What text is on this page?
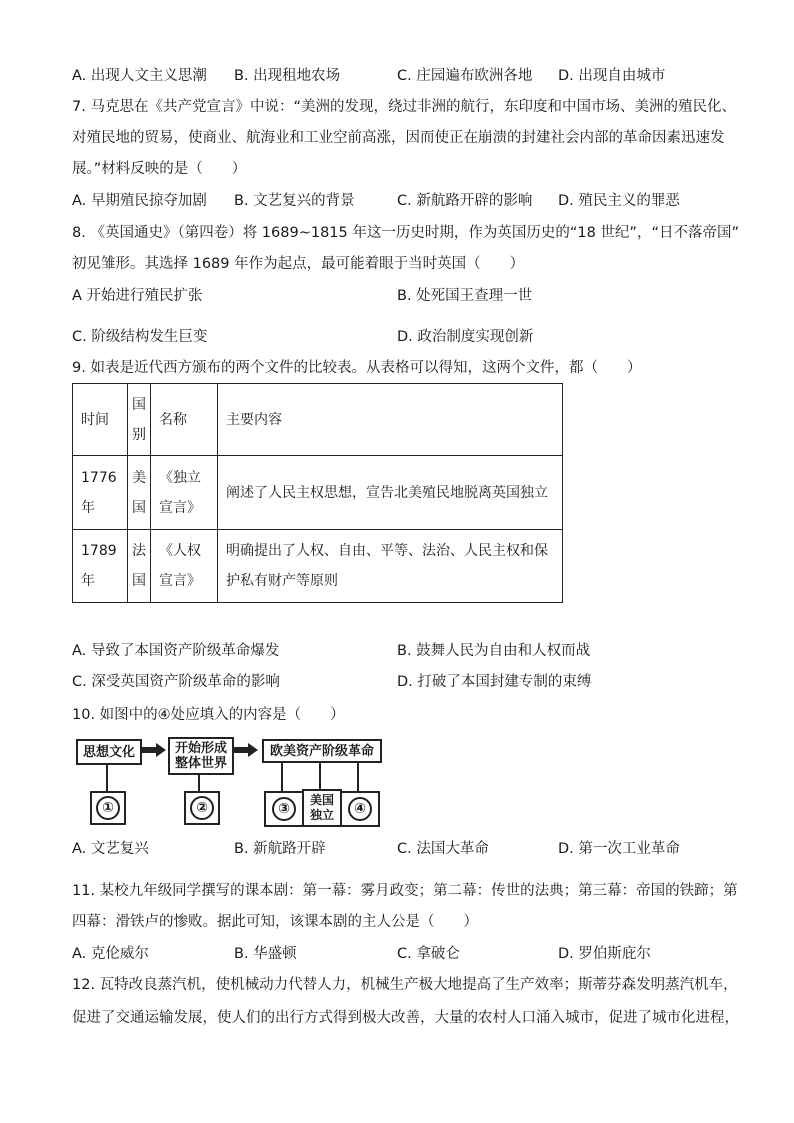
A. 出现人文主义思潮 B. 出现租地农场	C. 庄园遍布欧洲各地 D. 出现自由城市
7. 马克思在《共产党宣言》中说：“美洲的发现，绕过非洲的航行，东印度和中国市场、美洲的殖民化、
对殖民地的贸易，使商业、航海业和工业空前高涨，因而使正在崩溃的封建社会内部的革命因素迅速发
展。”材料反映的是（　　）
A. 早期殖民掠夺加剧 B. 文艺复兴的背景	C. 新航路开辟的影响 D. 殖民主义的罪恶
8. 《英国通史》（第四卷）将 1689~1815 年这一历史时期，作为英国历史的“18 世纪”，“日不落帝国”
初见雏形。其选择 1689 年作为起点，最可能着眼于当时英国（　　）
A 开始进行殖民扩张	B. 处死国王查理一世
C. 阶级结构发生巨变	D. 政治制度实现创新
9. 如表是近代西方颁布的两个文件的比较表。从表格可以得知，这两个文件，都（　　）
时间	国别	名称	主要内容
1776 年	美国	《独立宣言》	阐述了人民主权思想，宣告北美殖民地脱离英国独立
1789 年	法国	《人权宣言》	明确提出了人权、自由、平等、法治、人民主权和保护私有财产等原则
A. 导致了本国资产阶级革命爆发	B. 鼓舞人民为自由和人权而战
C. 深受英国资产阶级革命的影响	D. 打破了本国封建专制的束缚
10. 如图中的④处应填入的内容是（　　）
思想文化	开始形成
整体世界
欧美资产阶级革命
①	②	③
美国
独立	④
A. 文艺复兴	B. 新航路开辟	C. 法国大革命	D. 第一次工业革命
11. 某校九年级同学撰写的课本剧：第一幕：雾月政变；第二幕：传世的法典；第三幕：帝国的铁蹄；第
四幕：滑铁卢的惨败。据此可知，该课本剧的主人公是（　　）
A. 克伦威尔	B. 华盛顿	C. 拿破仑	D. 罗伯斯庇尔
12. 瓦特改良蒸汽机，使机械动力代替人力，机械生产极大地提高了生产效率；斯蒂芬森发明蒸汽机车，
促进了交通运输发展，使人们的出行方式得到极大改善，大量的农村人口涌入城市，促进了城市化进程，
